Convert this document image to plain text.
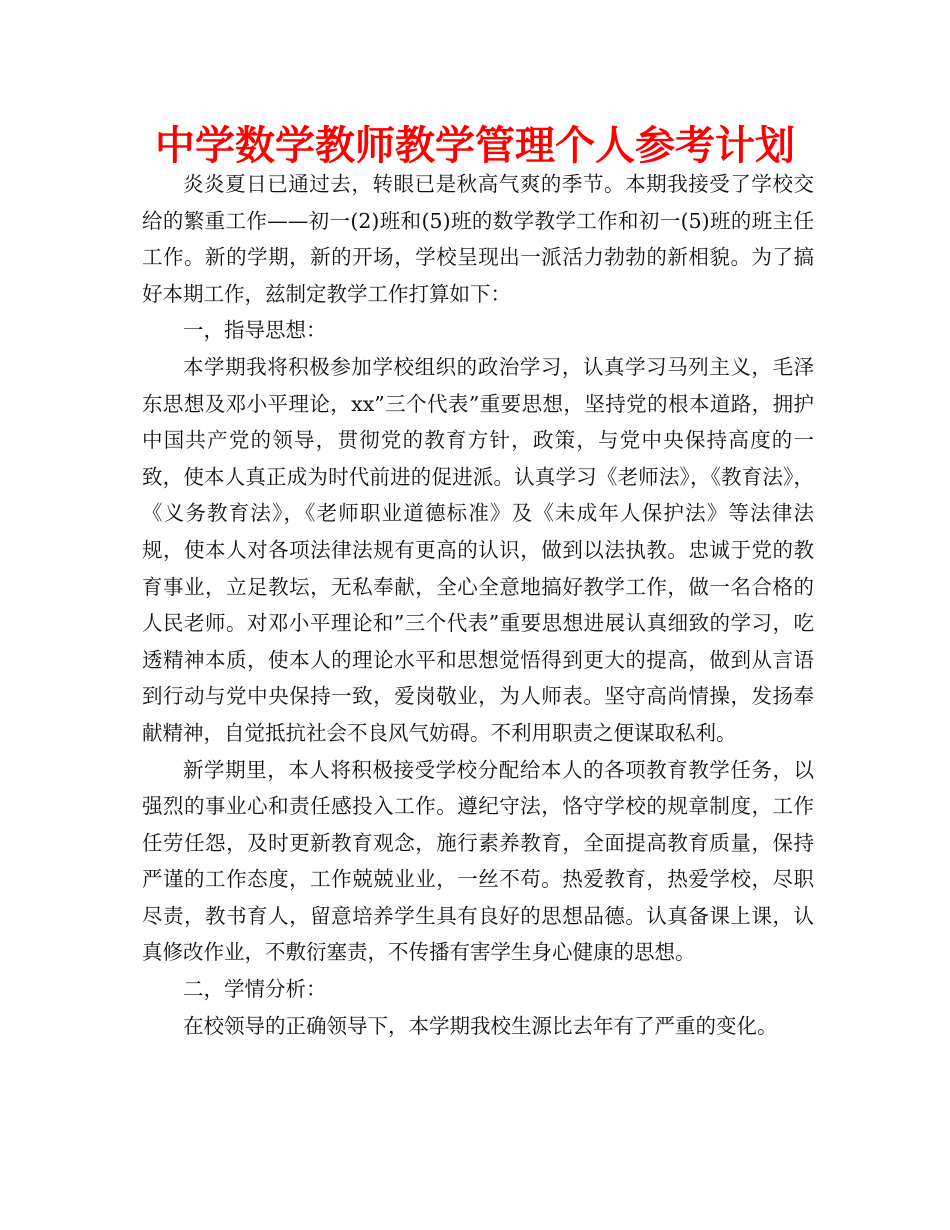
中学数学教师教学管理个人参考计划

炎炎夏日已通过去，转眼已是秋高气爽的季节。本期我接受了学校交给的繁重工作——初一(2)班和(5)班的数学教学工作和初一(5)班的班主任工作。新的学期，新的开场，学校呈现出一派活力勃勃的新相貌。为了搞好本期工作，兹制定教学工作打算如下：

一，指导思想：

本学期我将积极参加学校组织的政治学习，认真学习马列主义，毛泽东思想及邓小平理论，xx”三个代表”重要思想，坚持党的根本道路，拥护中国共产党的领导，贯彻党的教育方针，政策，与党中央保持高度的一致，使本人真正成为时代前进的促进派。认真学习《老师法》，《教育法》，《义务教育法》，《老师职业道德标准》及《未成年人保护法》等法律法规，使本人对各项法律法规有更高的认识，做到以法执教。忠诚于党的教育事业，立足教坛，无私奉献，全心全意地搞好教学工作，做一名合格的人民老师。对邓小平理论和”三个代表”重要思想进展认真细致的学习，吃透精神本质，使本人的理论水平和思想觉悟得到更大的提高，做到从言语到行动与党中央保持一致，爱岗敬业，为人师表。坚守高尚情操，发扬奉献精神，自觉抵抗社会不良风气妨碍。不利用职责之便谋取私利。

新学期里，本人将积极接受学校分配给本人的各项教育教学任务，以强烈的事业心和责任感投入工作。遵纪守法，恪守学校的规章制度，工作任劳任怨，及时更新教育观念，施行素养教育，全面提高教育质量，保持严谨的工作态度，工作兢兢业业，一丝不苟。热爱教育，热爱学校，尽职尽责，教书育人，留意培养学生具有良好的思想品德。认真备课上课，认真修改作业，不敷衍塞责，不传播有害学生身心健康的思想。

二，学情分析：

在校领导的正确领导下，本学期我校生源比去年有了严重的变化。
